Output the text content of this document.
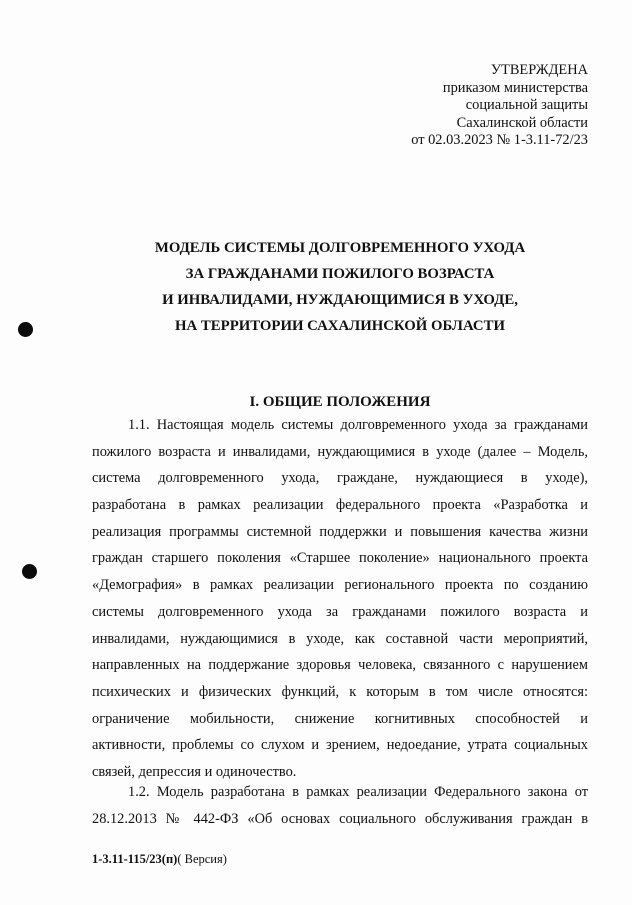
УТВЕРЖДЕНА
приказом министерства
социальной защиты
Сахалинской области
от 02.03.2023 № 1-3.11-72/23
МОДЕЛЬ СИСТЕМЫ ДОЛГОВРЕМЕННОГО УХОДА
ЗА ГРАЖДАНАМИ ПОЖИЛОГО ВОЗРАСТА
И ИНВАЛИДАМИ, НУЖДАЮЩИМИСЯ В УХОДЕ,
НА ТЕРРИТОРИИ САХАЛИНСКОЙ ОБЛАСТИ
I. ОБЩИЕ ПОЛОЖЕНИЯ
1.1. Настоящая модель системы долговременного ухода за гражданами
пожилого возраста и инвалидами, нуждающимися в уходе (далее – Модель,
система долговременного ухода, граждане, нуждающиеся в уходе),
разработана в рамках реализации федерального проекта «Разработка и
реализация программы системной поддержки и повышения качества жизни
граждан старшего поколения «Старшее поколение» национального проекта
«Демография» в рамках реализации регионального проекта по созданию
системы долговременного ухода за гражданами пожилого возраста и
инвалидами, нуждающимися в уходе, как составной части мероприятий,
направленных на поддержание здоровья человека, связанного с нарушением
психических и физических функций, к которым в том числе относятся:
ограничение мобильности, снижение когнитивных способностей и
активности, проблемы со слухом и зрением, недоедание, утрата социальных
связей, депрессия и одиночество.
1.2. Модель разработана в рамках реализации Федерального закона от
28.12.2013 № 442-ФЗ «Об основах социального обслуживания граждан в
1-3.11-115/23(п)( Версия)
